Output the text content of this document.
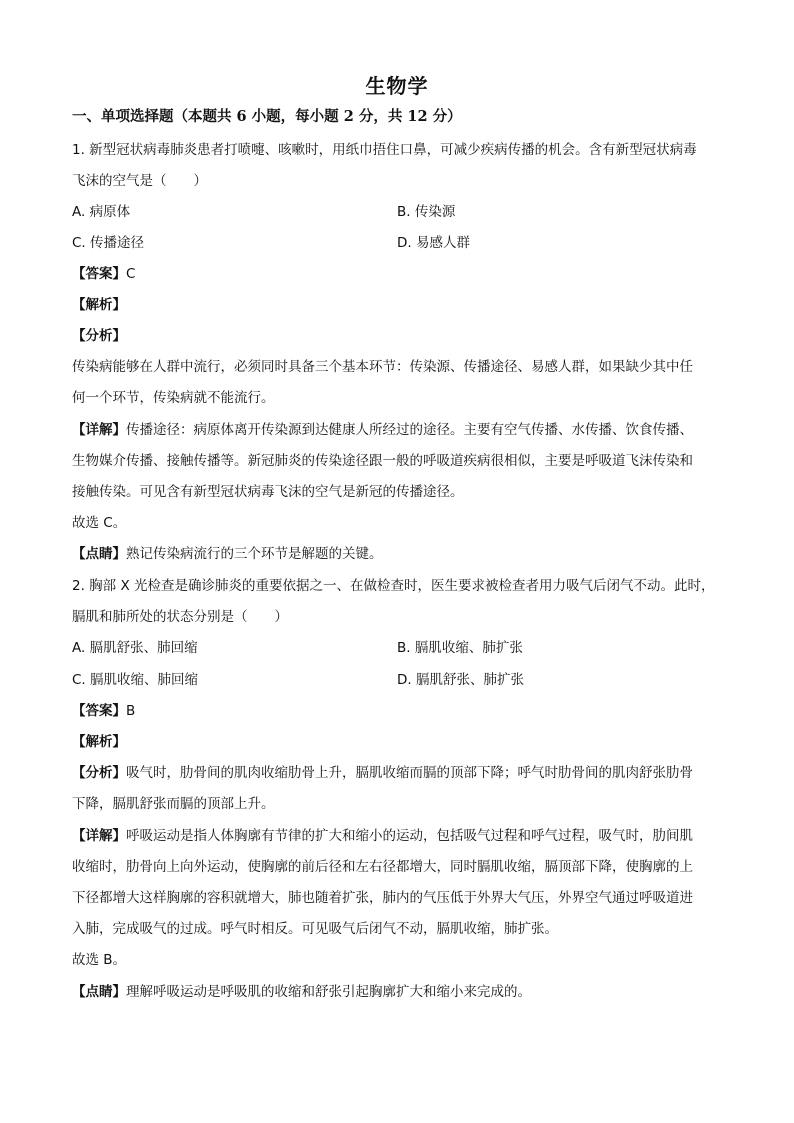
生物学
一、单项选择题（本题共 6 小题，每小题 2 分，共 12 分）
1. 新型冠状病毒肺炎患者打喷嚏、咳嗽时，用纸巾捂住口鼻，可减少疾病传播的机会。含有新型冠状病毒
飞沫的空气是（　　）
A. 病原体	B. 传染源
C. 传播途径	D. 易感人群
【答案】C
【解析】
【分析】
传染病能够在人群中流行，必须同时具备三个基本环节：传染源、传播途径、易感人群，如果缺少其中任
何一个环节，传染病就不能流行。
【详解】传播途径：病原体离开传染源到达健康人所经过的途径。主要有空气传播、水传播、饮食传播、
生物媒介传播、接触传播等。新冠肺炎的传染途径跟一般的呼吸道疾病很相似，主要是呼吸道飞沫传染和
接触传染。可见含有新型冠状病毒飞沫的空气是新冠的传播途径。
故选 C。
【点睛】熟记传染病流行的三个环节是解题的关键。
2. 胸部 X 光检查是确诊肺炎的重要依据之一、在做检查时，医生要求被检查者用力吸气后闭气不动。此时，
膈肌和肺所处的状态分别是（　　）
A. 膈肌舒张、肺回缩	B. 膈肌收缩、肺扩张
C. 膈肌收缩、肺回缩	D. 膈肌舒张、肺扩张
【答案】B
【解析】
【分析】吸气时，肋骨间的肌肉收缩肋骨上升，膈肌收缩而膈的顶部下降；呼气时肋骨间的肌肉舒张肋骨
下降，膈肌舒张而膈的顶部上升。
【详解】呼吸运动是指人体胸廓有节律的扩大和缩小的运动，包括吸气过程和呼气过程，吸气时，肋间肌
收缩时，肋骨向上向外运动，使胸廓的前后径和左右径都增大，同时膈肌收缩，膈顶部下降，使胸廓的上
下径都增大这样胸廓的容积就增大，肺也随着扩张，肺内的气压低于外界大气压，外界空气通过呼吸道进
入肺，完成吸气的过成。呼气时相反。可见吸气后闭气不动，膈肌收缩，肺扩张。
故选 B。
【点睛】理解呼吸运动是呼吸肌的收缩和舒张引起胸廓扩大和缩小来完成的。
